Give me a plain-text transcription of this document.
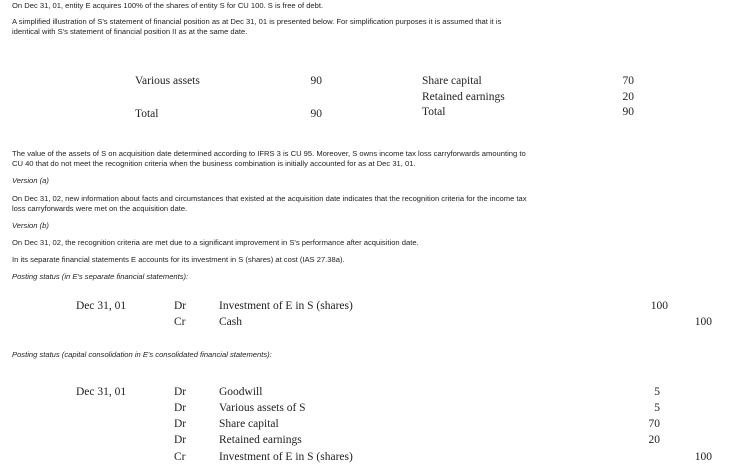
On Dec 31, 01, entity E acquires 100% of the shares of entity S for CU 100. S is free of debt.
A simplified illustration of S's statement of financial position as at Dec 31, 01 is presented below. For simplification purposes it is assumed that it is
identical with S's statement of financial position II as at the same date.
Various assets	90
Total	90
Share capital	70
Retained earnings	20
Total	90
The value of the assets of S on acquisition date determined according to IFRS 3 is CU 95. Moreover, S owns income tax loss carryforwards amounting to
CU 40 that do not meet the recognition criteria when the business combination is initially accounted for as at Dec 31, 01.
Version (a)
On Dec 31, 02, new information about facts and circumstances that existed at the acquisition date indicates that the recognition criteria for the income tax
loss carryforwards were met on the acquisition date.
Version (b)
On Dec 31, 02, the recognition criteria are met due to a significant improvement in S's performance after acquisition date.
In its separate financial statements E accounts for its investment in S (shares) at cost (IAS 27.38a).
Posting status (in E's separate financial statements):
Dec 31, 01	Dr	Investment of E in S (shares)	100
Cr	Cash	100
Posting status (capital consolidation in E's consolidated financial statements):
Dec 31, 01	Dr	Goodwill	5
Dr	Various assets of S	5
Dr	Share capital	70
Dr	Retained earnings	20
Cr	Investment of E in S (shares)	100
